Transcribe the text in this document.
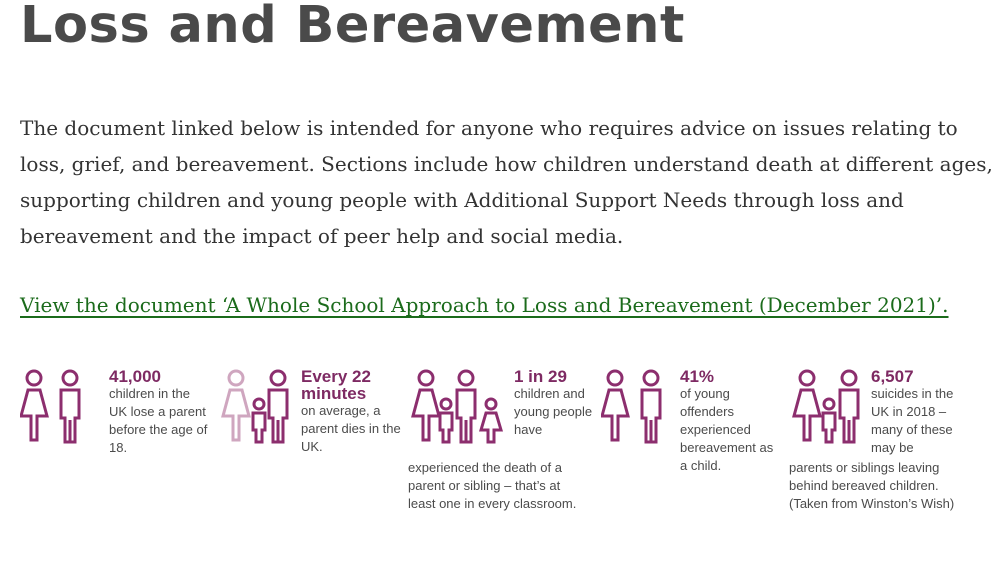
Loss and Bereavement

The document linked below is intended for anyone who requires advice on issues relating to loss, grief, and bereavement. Sections include how children understand death at different ages, supporting children and young people with Additional Support Needs through loss and bereavement and the impact of peer help and social media.

View the document ‘A Whole School Approach to Loss and Bereavement (December 2021)’.
41,000
children in the UK lose a parent before the age of 18.
Every 22 minutes
on average, a parent dies in the UK.
1 in 29
children and young people have
experienced the death of a parent or sibling – that’s at least one in every classroom.
41%
of young offenders experienced bereavement as a child.
6,507
suicides in the UK in 2018 – many of these may be
parents or siblings leaving behind bereaved children. (Taken from Winston’s Wish)
